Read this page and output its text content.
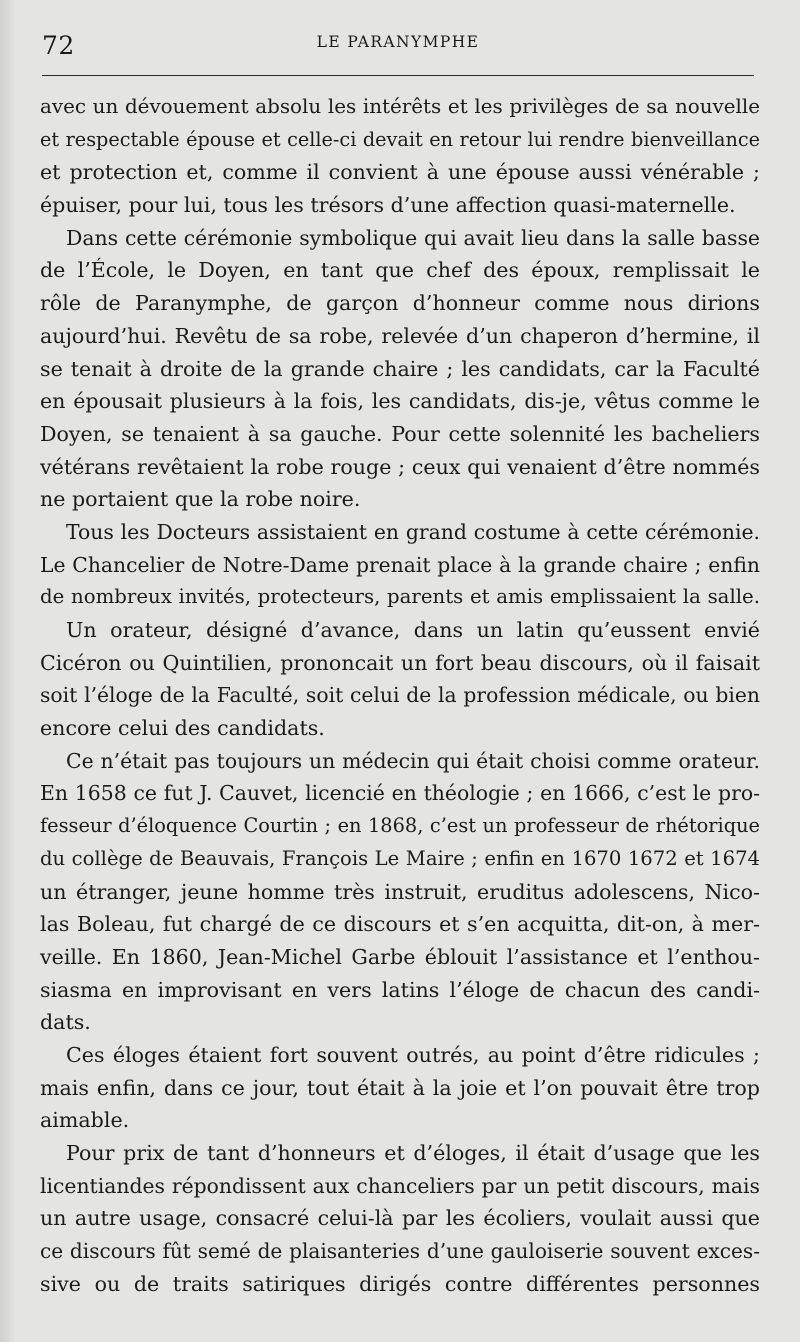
72	LE PARANYMPHE
avec un dévouement absolu les intérêts et les privilèges de sa nouvelle
et respectable épouse et celle-ci devait en retour lui rendre bienveillance
et protection et, comme il convient à une épouse aussi vénérable ;
épuiser, pour lui, tous les trésors d’une affection quasi-maternelle.
Dans cette cérémonie symbolique qui avait lieu dans la salle basse
de l’École, le Doyen, en tant que chef des époux, remplissait le
rôle de Paranymphe, de garçon d’honneur comme nous dirions
aujourd’hui. Revêtu de sa robe, relevée d’un chaperon d’hermine, il
se tenait à droite de la grande chaire ; les candidats, car la Faculté
en épousait plusieurs à la fois, les candidats, dis-je, vêtus comme le
Doyen, se tenaient à sa gauche. Pour cette solennité les bacheliers
vétérans revêtaient la robe rouge ; ceux qui venaient d’être nommés
ne portaient que la robe noire.
Tous les Docteurs assistaient en grand costume à cette cérémonie.
Le Chancelier de Notre-Dame prenait place à la grande chaire ; enfin
de nombreux invités, protecteurs, parents et amis emplissaient la salle.
Un orateur, désigné d’avance, dans un latin qu’eussent envié
Cicéron ou Quintilien, prononcait un fort beau discours, où il faisait
soit l’éloge de la Faculté, soit celui de la profession médicale, ou bien
encore celui des candidats.
Ce n’était pas toujours un médecin qui était choisi comme orateur.
En 1658 ce fut J. Cauvet, licencié en théologie ; en 1666, c’est le pro-
fesseur d’éloquence Courtin ; en 1868, c’est un professeur de rhétorique
du collège de Beauvais, François Le Maire ; enfin en 1670 1672 et 1674
un étranger, jeune homme très instruit, eruditus adolescens, Nico-
las Boleau, fut chargé de ce discours et s’en acquitta, dit-on, à mer-
veille. En 1860, Jean-Michel Garbe éblouit l’assistance et l’enthou-
siasma en improvisant en vers latins l’éloge de chacun des candi-
dats.
Ces éloges étaient fort souvent outrés, au point d’être ridicules ;
mais enfin, dans ce jour, tout était à la joie et l’on pouvait être trop
aimable.
Pour prix de tant d’honneurs et d’éloges, il était d’usage que les
licentiandes répondissent aux chanceliers par un petit discours, mais
un autre usage, consacré celui-là par les écoliers, voulait aussi que
ce discours fût semé de plaisanteries d’une gauloiserie souvent exces-
sive ou de traits satiriques dirigés contre différentes personnes
